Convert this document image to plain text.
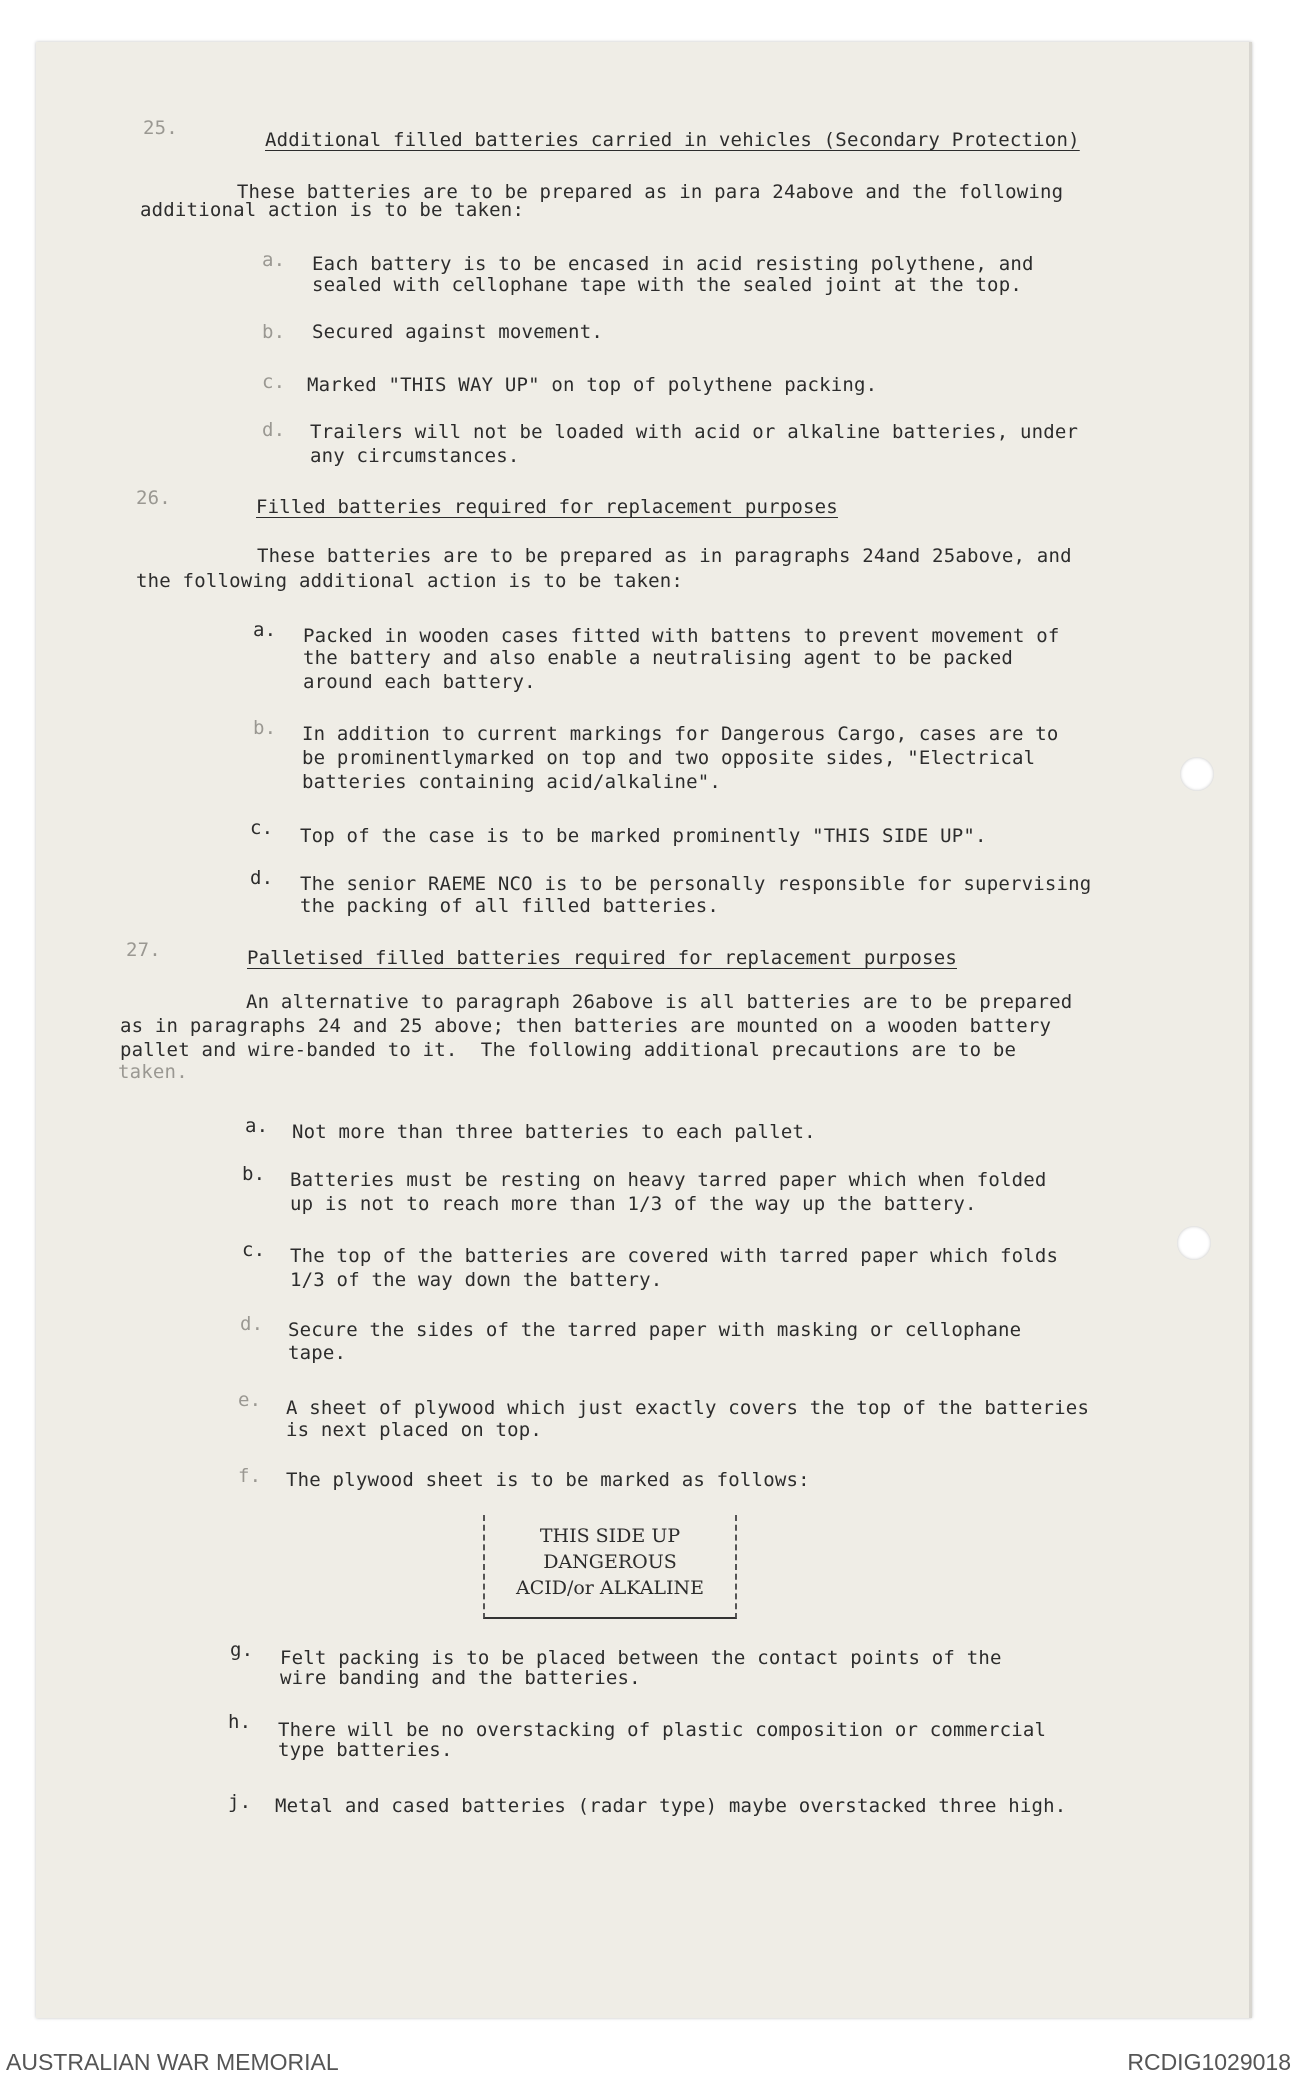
25.
Additional filled batteries carried in vehicles (Secondary Protection)
These batteries are to be prepared as in para 24above and the following
additional action is to be taken:
a. Each battery is to be encased in acid resisting polythene, and
sealed with cellophane tape with the sealed joint at the top.
b. Secured against movement.
c. Marked "THIS WAY UP" on top of polythene packing.
d. Trailers will not be loaded with acid or alkaline batteries, under
any circumstances.
26.	Filled batteries required for replacement purposes
These batteries are to be prepared as in paragraphs 24and 25above, and
the following additional action is to be taken:
a. Packed in wooden cases fitted with battens to prevent movement of
the battery and also enable a neutralising agent to be packed
around each battery.
b. In addition to current markings for Dangerous Cargo, cases are to
be prominentlymarked on top and two opposite sides, "Electrical
batteries containing acid/alkaline".
c. Top of the case is to be marked prominently "THIS SIDE UP".
d. The senior RAEME NCO is to be personally responsible for supervising
the packing of all filled batteries.
27.	Palletised filled batteries required for replacement purposes
An alternative to paragraph 26above is all batteries are to be prepared
as in paragraphs 24 and 25 above; then batteries are mounted on a wooden battery
pallet and wire-banded to it.  The following additional precautions are to be
taken.
a. Not more than three batteries to each pallet.
b. Batteries must be resting on heavy tarred paper which when folded
up is not to reach more than 1/3 of the way up the battery.
c. The top of the batteries are covered with tarred paper which folds
1/3 of the way down the battery.
d. Secure the sides of the tarred paper with masking or cellophane
tape.
e. A sheet of plywood which just exactly covers the top of the batteries
is next placed on top.
f. The plywood sheet is to be marked as follows:
THIS SIDE UP
DANGEROUS
ACID/or ALKALINE
g. Felt packing is to be placed between the contact points of the
wire banding and the batteries.
h. There will be no overstacking of plastic composition or commercial
type batteries.
j. Metal and cased batteries (radar type) maybe overstacked three high.
AUSTRALIAN WAR MEMORIAL	RCDIG1029018
